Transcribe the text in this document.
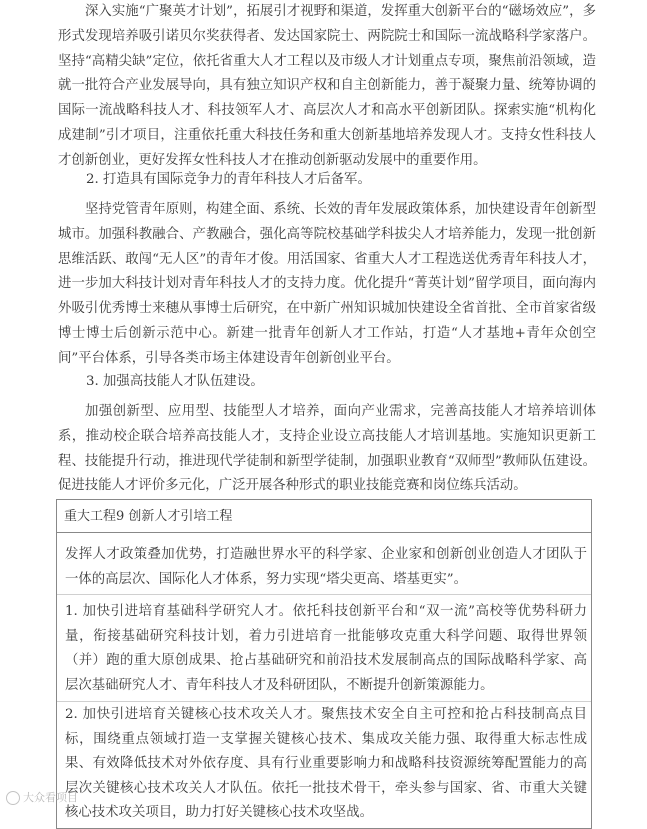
深入实施“广聚英才计划”，拓展引才视野和渠道，发挥重大创新平台的“磁场效应”，多形式发现培养吸引诺贝尔奖获得者、发达国家院士、两院院士和国际一流战略科学家落户。坚持“高精尖缺”定位，依托省重大人才工程以及市级人才计划重点专项，聚焦前沿领域，造就一批符合产业发展导向，具有独立知识产权和自主创新能力，善于凝聚力量、统筹协调的国际一流战略科技人才、科技领军人才、高层次人才和高水平创新团队。探索实施“机构化成建制”引才项目，注重依托重大科技任务和重大创新基地培养发现人才。支持女性科技人才创新创业，更好发挥女性科技人才在推动创新驱动发展中的重要作用。

2. 打造具有国际竞争力的青年科技人才后备军。

坚持党管青年原则，构建全面、系统、长效的青年发展政策体系，加快建设青年创新型城市。加强科教融合、产教融合，强化高等院校基础学科拔尖人才培养能力，发现一批创新思维活跃、敢闯“无人区”的青年才俊。用活国家、省重大人才工程选送优秀青年科技人才，进一步加大科技计划对青年科技人才的支持力度。优化提升“菁英计划”留学项目，面向海内外吸引优秀博士来穗从事博士后研究，在中新广州知识城加快建设全省首批、全市首家省级博士博士后创新示范中心。新建一批青年创新人才工作站，打造“人才基地+青年众创空间”平台体系，引导各类市场主体建设青年创新创业平台。

3. 加强高技能人才队伍建设。

加强创新型、应用型、技能型人才培养，面向产业需求，完善高技能人才培养培训体系，推动校企联合培养高技能人才，支持企业设立高技能人才培训基地。实施知识更新工程、技能提升行动，推进现代学徒制和新型学徒制，加强职业教育“双师型”教师队伍建设。促进技能人才评价多元化，广泛开展各种形式的职业技能竞赛和岗位练兵活动。

重大工程9 创新人才引培工程

发挥人才政策叠加优势，打造融世界水平的科学家、企业家和创新创业创造人才团队于一体的高层次、国际化人才体系，努力实现“塔尖更高、塔基更实”。

1. 加快引进培育基础科学研究人才。依托科技创新平台和“双一流”高校等优势科研力量，衔接基础研究科技计划，着力引进培育一批能够攻克重大科学问题、取得世界领（并）跑的重大原创成果、抢占基础研究和前沿技术发展制高点的国际战略科学家、高层次基础研究人才、青年科技人才及科研团队，不断提升创新策源能力。

2. 加快引进培育关键核心技术攻关人才。聚焦技术安全自主可控和抢占科技制高点目标，围绕重点领域打造一支掌握关键核心技术、集成攻关能力强、取得重大标志性成果、有效降低技术对外依存度、具有行业重要影响力和战略科技资源统筹配置能力的高层次关键核心技术攻关人才队伍。依托一批技术骨干，牵头参与国家、省、市重大关键核心技术攻关项目，助力打好关键核心技术攻坚战。

大众看项目
